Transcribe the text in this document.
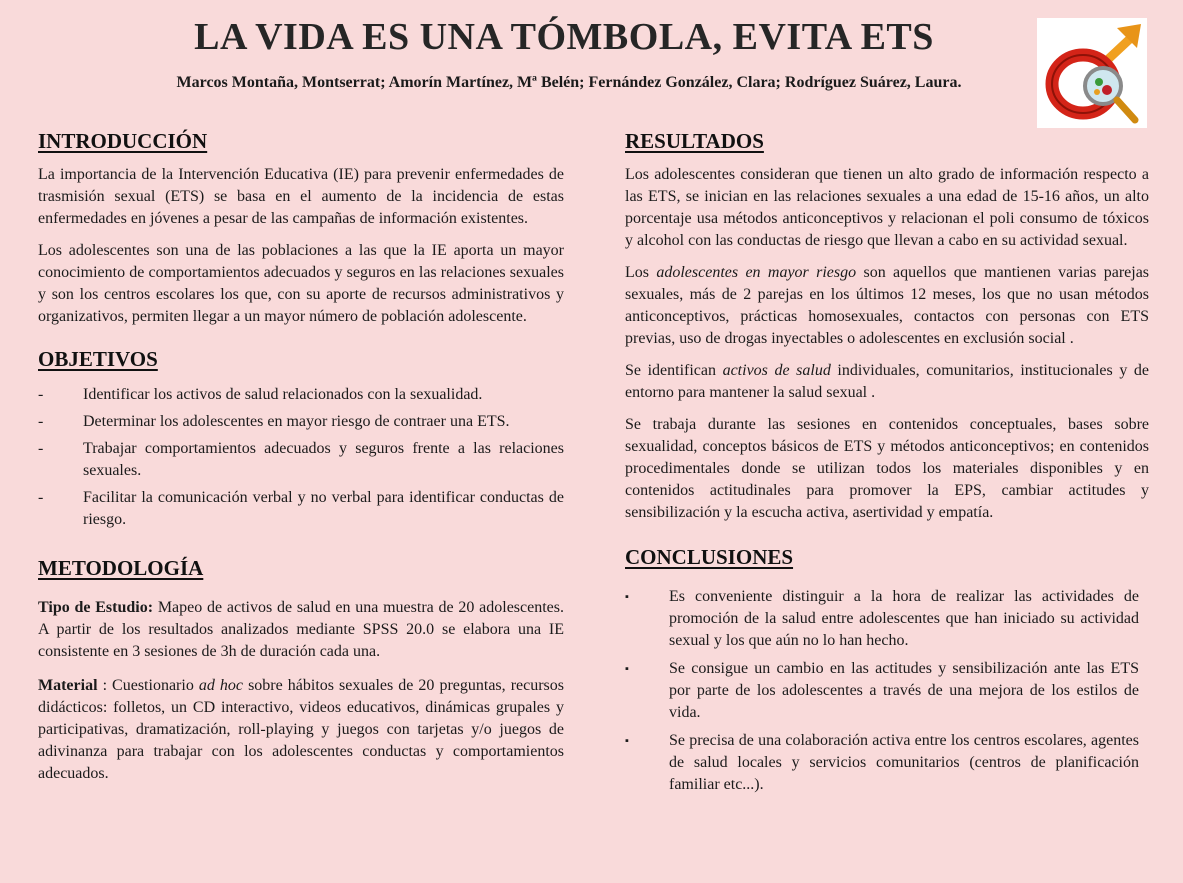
LA VIDA ES UNA TÓMBOLA, EVITA ETS
Marcos Montaña, Montserrat; Amorín Martínez, Mª Belén; Fernández González, Clara; Rodríguez Suárez, Laura.
INTRODUCCIÓN
La importancia de la Intervención Educativa (IE) para prevenir enfermedades de trasmisión sexual (ETS) se basa en el aumento de la incidencia de estas enfermedades en jóvenes a pesar de las campañas de información existentes.
Los adolescentes son una de las poblaciones a las que la IE aporta un mayor conocimiento de comportamientos adecuados y seguros en las relaciones sexuales y son los centros escolares los que, con su aporte de recursos administrativos y organizativos, permiten llegar a un mayor número de población adolescente.
OBJETIVOS
-	Identificar los activos de salud relacionados con la sexualidad.
-	Determinar los adolescentes en mayor riesgo de contraer una ETS.
-	Trabajar comportamientos adecuados y seguros frente a las relaciones sexuales.
-	Facilitar la comunicación verbal y no verbal para identificar conductas de riesgo.
METODOLOGÍA
Tipo de Estudio: Mapeo de activos de salud en una muestra de 20 adolescentes. A partir de los resultados analizados mediante SPSS 20.0 se elabora una IE consistente en 3 sesiones de 3h de duración cada una.
Material : Cuestionario ad hoc sobre hábitos sexuales de 20 preguntas, recursos didácticos: folletos, un CD interactivo, videos educativos, dinámicas grupales y participativas, dramatización, roll-playing y juegos con tarjetas y/o juegos de adivinanza para trabajar con los adolescentes conductas y comportamientos adecuados.
RESULTADOS
Los adolescentes consideran que tienen un alto grado de información respecto a las ETS, se inician en las relaciones sexuales a una edad de 15-16 años, un alto porcentaje usa métodos anticonceptivos y relacionan el poli consumo de tóxicos y alcohol con las conductas de riesgo que llevan a cabo en su actividad sexual.
Los adolescentes en mayor riesgo son aquellos que mantienen varias parejas sexuales, más de 2 parejas en los últimos 12 meses, los que no usan métodos anticonceptivos, prácticas homosexuales, contactos con personas con ETS previas, uso de drogas inyectables o adolescentes en exclusión social .
Se identifican activos de salud individuales, comunitarios, institucionales y de entorno para mantener la salud sexual .
Se trabaja durante las sesiones en contenidos conceptuales, bases sobre sexualidad, conceptos básicos de ETS y métodos anticonceptivos; en contenidos procedimentales donde se utilizan todos los materiales disponibles y en contenidos actitudinales para promover la EPS, cambiar actitudes y sensibilización y la escucha activa, asertividad y empatía.
CONCLUSIONES
▪	Es conveniente distinguir a la hora de realizar las actividades de promoción de la salud entre adolescentes que han iniciado su actividad sexual y los que aún no lo han hecho.
▪	Se consigue un cambio en las actitudes y sensibilización ante las ETS por parte de los adolescentes a través de una mejora de los estilos de vida.
▪	Se precisa de una colaboración activa entre los centros escolares, agentes de salud locales y servicios comunitarios (centros de planificación familiar etc...).
